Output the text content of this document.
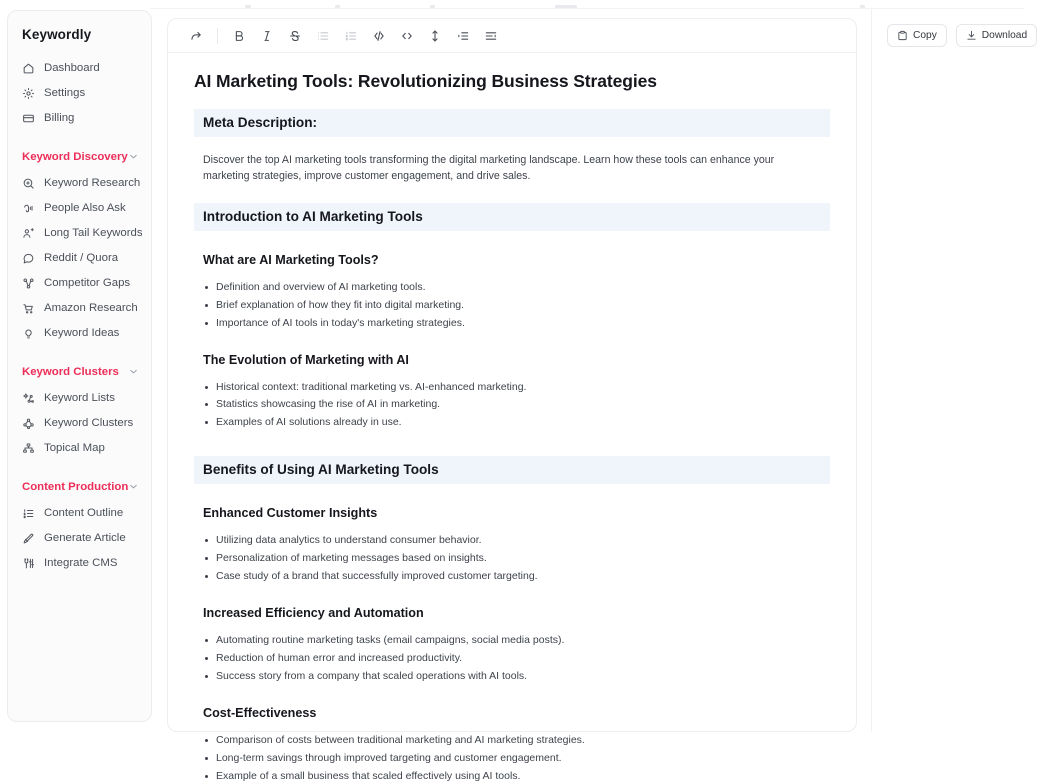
Keywordly
Dashboard
Settings
Billing
Keyword Discovery
Keyword Research
People Also Ask
Long Tail Keywords
Reddit / Quora
Competitor Gaps
Amazon Research
Keyword Ideas
Keyword Clusters
Keyword Lists
Keyword Clusters
Topical Map
Content Production
Content Outline
Generate Article
Integrate CMS
AI Marketing Tools: Revolutionizing Business Strategies
Meta Description:

Discover the top AI marketing tools transforming the digital marketing landscape. Learn how these tools can enhance your marketing strategies, improve customer engagement, and drive sales.

Introduction to AI Marketing Tools
What are AI Marketing Tools?
Definition and overview of AI marketing tools.
Brief explanation of how they fit into digital marketing.
Importance of AI tools in today's marketing strategies.
The Evolution of Marketing with AI
Historical context: traditional marketing vs. AI-enhanced marketing.
Statistics showcasing the rise of AI in marketing.
Examples of AI solutions already in use.
Benefits of Using AI Marketing Tools
Enhanced Customer Insights
Utilizing data analytics to understand consumer behavior.
Personalization of marketing messages based on insights.
Case study of a brand that successfully improved customer targeting.
Increased Efficiency and Automation
Automating routine marketing tasks (email campaigns, social media posts).
Reduction of human error and increased productivity.
Success story from a company that scaled operations with AI tools.
Cost-Effectiveness
Comparison of costs between traditional marketing and AI marketing strategies.
Long-term savings through improved targeting and customer engagement.
Example of a small business that scaled effectively using AI tools.
Copy	Download
